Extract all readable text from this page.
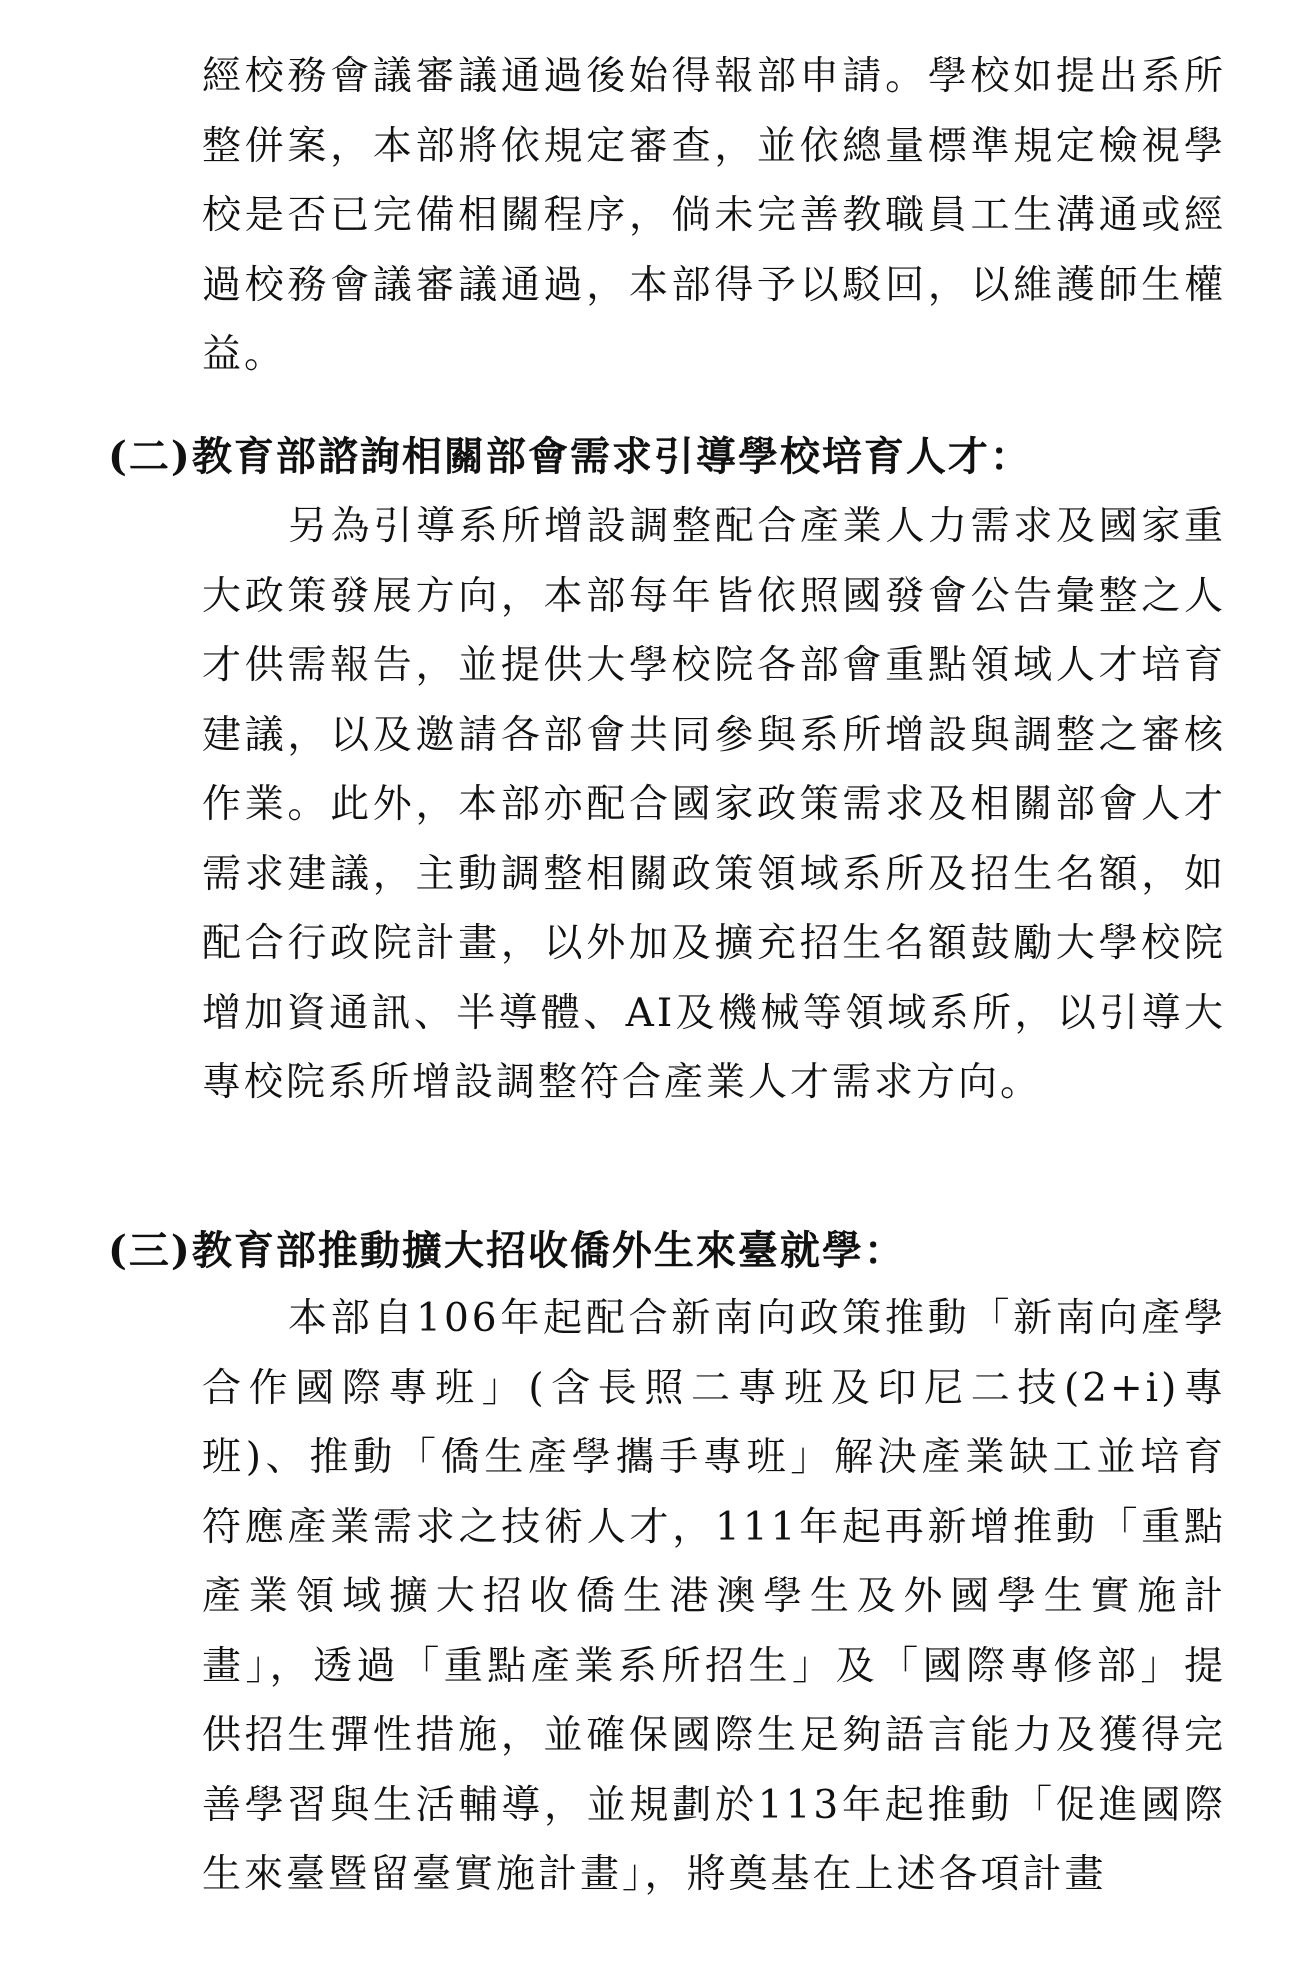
經校務會議審議通過後始得報部申請。學校如提出系所整併案，本部將依規定審查，並依總量標準規定檢視學校是否已完備相關程序，倘未完善教職員工生溝通或經過校務會議審議通過，本部得予以駁回，以維護師生權益。

(二)教育部諮詢相關部會需求引導學校培育人才：

另為引導系所增設調整配合產業人力需求及國家重大政策發展方向，本部每年皆依照國發會公告彙整之人才供需報告，並提供大學校院各部會重點領域人才培育建議，以及邀請各部會共同參與系所增設與調整之審核作業。此外，本部亦配合國家政策需求及相關部會人才需求建議，主動調整相關政策領域系所及招生名額，如配合行政院計畫，以外加及擴充招生名額鼓勵大學校院增加資通訊、半導體、AI及機械等領域系所，以引導大專校院系所增設調整符合產業人才需求方向。

(三)教育部推動擴大招收僑外生來臺就學：

本部自106年起配合新南向政策推動「新南向產學合作國際專班」(含長照二專班及印尼二技(2+i)專班)、推動「僑生產學攜手專班」解決產業缺工並培育符應產業需求之技術人才，111年起再新增推動「重點產業領域擴大招收僑生港澳學生及外國學生實施計畫」，透過「重點產業系所招生」及「國際專修部」提供招生彈性措施，並確保國際生足夠語言能力及獲得完善學習與生活輔導，並規劃於113年起推動「促進國際生來臺暨留臺實施計畫」，將奠基在上述各項計畫
